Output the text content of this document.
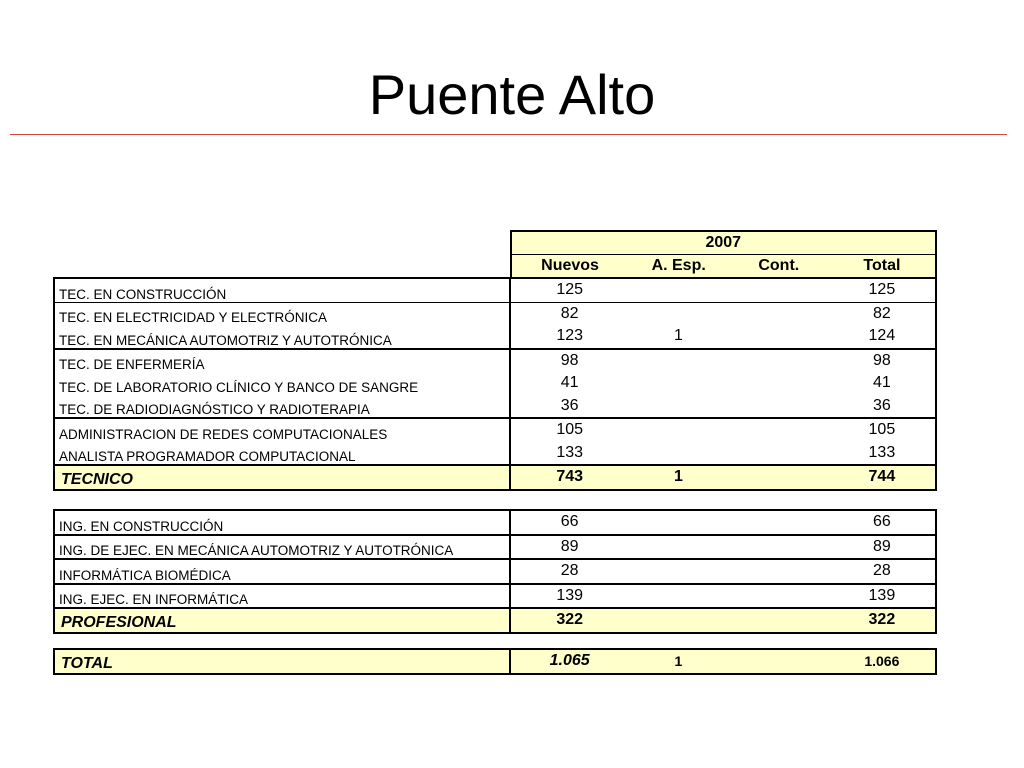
Puente Alto
	2007			
	Nuevos	A. Esp.	Cont.	Total
TEC. EN CONSTRUCCIÓN	125			125
TEC. EN ELECTRICIDAD Y ELECTRÓNICA	82			82
TEC. EN MECÁNICA AUTOMOTRIZ Y AUTOTRÓNICA	123	1		124
TEC. DE ENFERMERÍA	98			98
TEC. DE LABORATORIO CLÍNICO Y BANCO DE SANGRE	41			41
TEC. DE RADIODIAGNÓSTICO Y RADIOTERAPIA	36			36
ADMINISTRACION DE REDES COMPUTACIONALES	105			105
ANALISTA PROGRAMADOR COMPUTACIONAL	133			133
TECNICO	743	1		744
ING. EN CONSTRUCCIÓN	66			66
ING. DE EJEC. EN MECÁNICA AUTOMOTRIZ Y AUTOTRÓNICA	89			89
INFORMÁTICA BIOMÉDICA	28			28
ING. EJEC. EN INFORMÁTICA	139			139
PROFESIONAL	322			322
TOTAL	1.065	1		1.066
